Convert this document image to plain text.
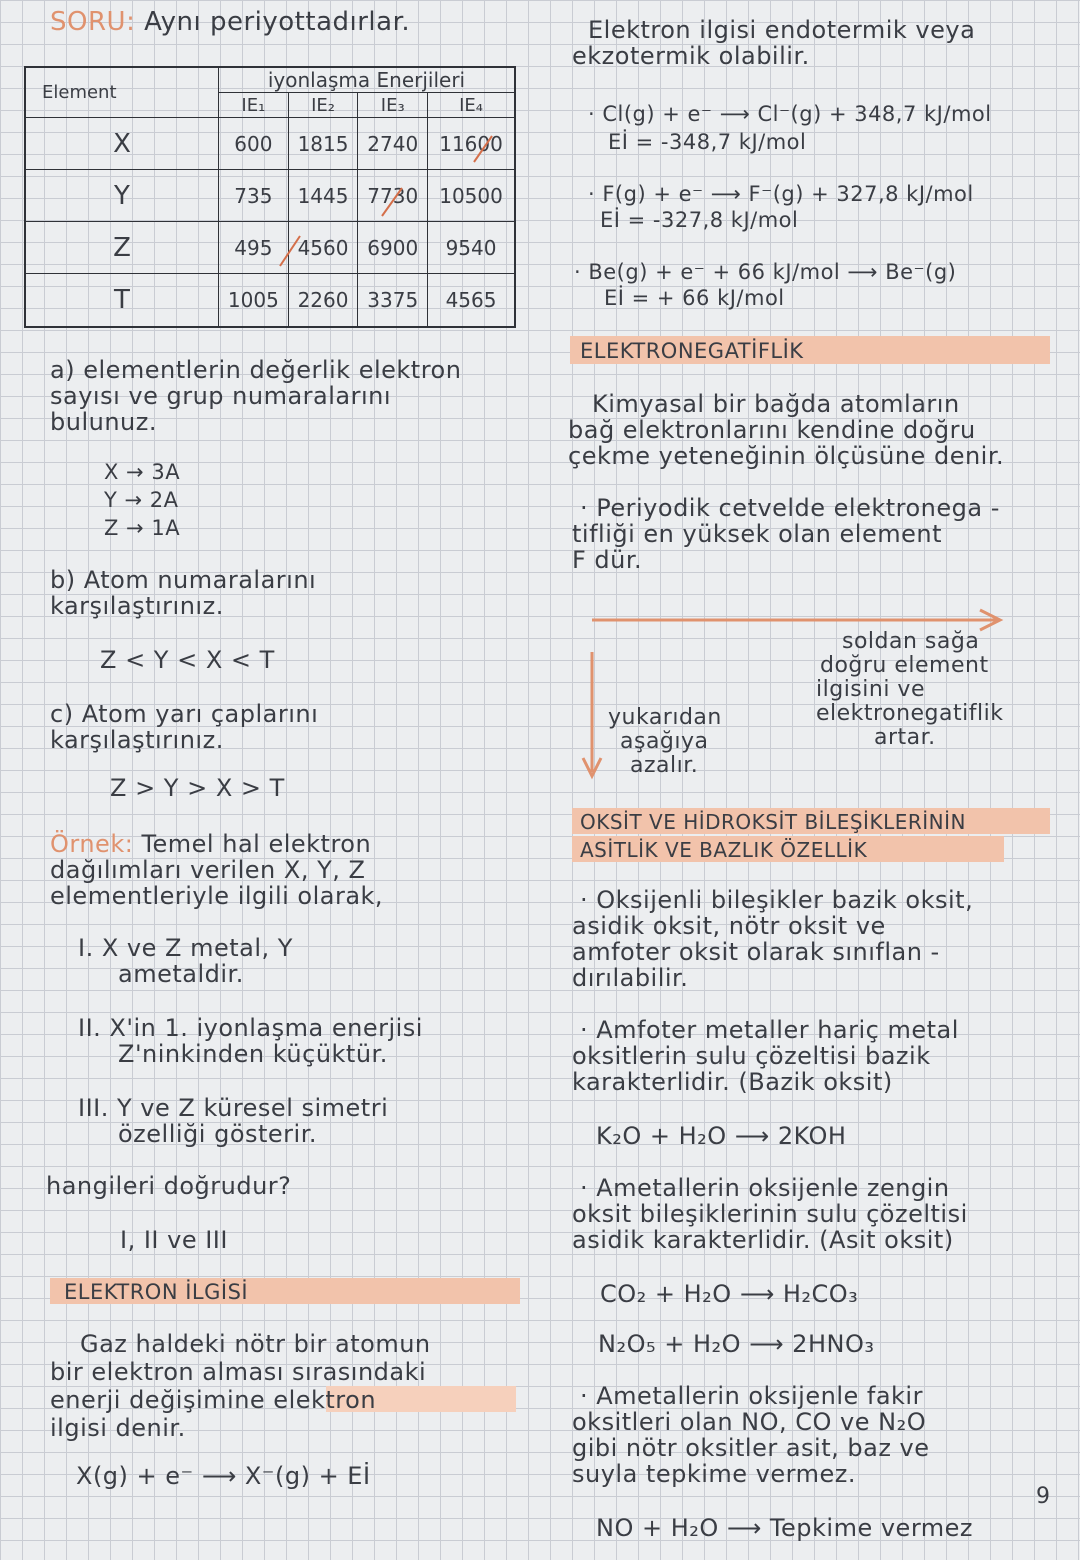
SORU: Aynı periyottadırlar.
Element	iyonlaşma Enerjileri			
	IE₁	IE₂	IE₃	IE₄
X	600	1815	2740	11600
Y	735	1445	7730	10500
Z	495	4560	6900	9540
T	1005	2260	3375	4565
a) elementlerin değerlik elektron
sayısı ve grup numaralarını
bulunuz.
X → 3A
Y → 2A
Z → 1A
b) Atom numaralarını
karşılaştırınız.
Z < Y < X < T
c) Atom yarı çaplarını
karşılaştırınız.
Z > Y > X > T
Örnek: Temel hal elektron
dağılımları verilen X, Y, Z
elementleriyle ilgili olarak,
I. X ve Z metal, Y
ametaldir.
II. X'in 1. iyonlaşma enerjisi
Z'ninkinden küçüktür.
III. Y ve Z küresel simetri
özelliği gösterir.
hangileri doğrudur?
I, II ve III
ELEKTRON İLGİSİ
Gaz haldeki nötr bir atomun
bir elektron alması sırasındaki
enerji değişimine elektron
ilgisi denir.
X(g) + e⁻ ⟶ X⁻(g) + Eİ
Elektron ilgisi endotermik veya
ekzotermik olabilir.
· Cl(g) + e⁻ ⟶ Cl⁻(g) + 348,7 kJ/mol
Eİ = -348,7 kJ/mol
· F(g) + e⁻ ⟶ F⁻(g) + 327,8 kJ/mol
Eİ = -327,8 kJ/mol
· Be(g) + e⁻ + 66 kJ/mol ⟶ Be⁻(g)
Eİ = + 66 kJ/mol
ELEKTRONEGATİFLİK
Kimyasal bir bağda atomların
bağ elektronlarını kendine doğru
çekme yeteneğinin ölçüsüne denir.
· Periyodik cetvelde elektronega -
tifliği en yüksek olan element
F dür.
soldan sağa
doğru element
ilgisini ve
elektronegatiflik
artar.
yukarıdan
aşağıya
azalır.
OKSİT VE HİDROKSİT BİLEŞİKLERİNİN
ASİTLİK VE BAZLIK ÖZELLİK
· Oksijenli bileşikler bazik oksit,
asidik oksit, nötr oksit ve
amfoter oksit olarak sınıflan -
dırılabilir.
· Amfoter metaller hariç metal
oksitlerin sulu çözeltisi bazik
karakterlidir. (Bazik oksit)
K₂O + H₂O ⟶ 2KOH
· Ametallerin oksijenle zengin
oksit bileşiklerinin sulu çözeltisi
asidik karakterlidir. (Asit oksit)
CO₂ + H₂O ⟶ H₂CO₃
N₂O₅ + H₂O ⟶ 2HNO₃
· Ametallerin oksijenle fakir
oksitleri olan NO, CO ve N₂O
gibi nötr oksitler asit, baz ve
suyla tepkime vermez.
NO + H₂O ⟶ Tepkime vermez
9
